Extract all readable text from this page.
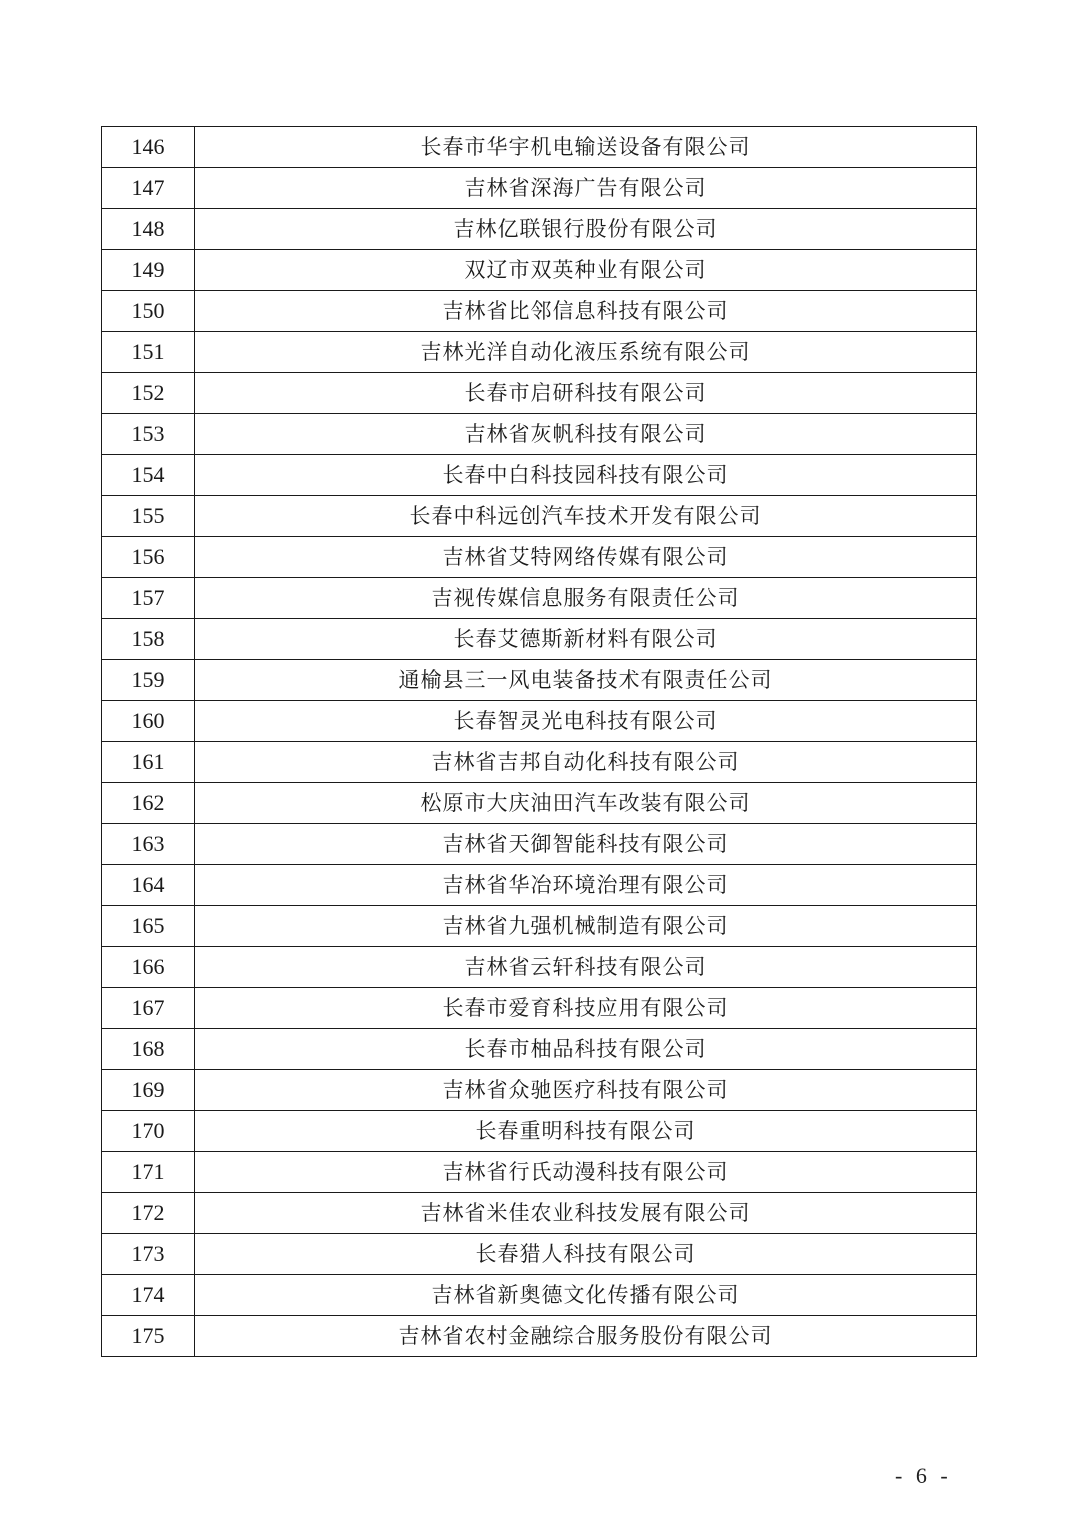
146	长春市华宇机电输送设备有限公司
147	吉林省深海广告有限公司
148	吉林亿联银行股份有限公司
149	双辽市双英种业有限公司
150	吉林省比邻信息科技有限公司
151	吉林光洋自动化液压系统有限公司
152	长春市启研科技有限公司
153	吉林省灰帆科技有限公司
154	长春中白科技园科技有限公司
155	长春中科远创汽车技术开发有限公司
156	吉林省艾特网络传媒有限公司
157	吉视传媒信息服务有限责任公司
158	长春艾德斯新材料有限公司
159	通榆县三一风电装备技术有限责任公司
160	长春智灵光电科技有限公司
161	吉林省吉邦自动化科技有限公司
162	松原市大庆油田汽车改装有限公司
163	吉林省天御智能科技有限公司
164	吉林省华冶环境治理有限公司
165	吉林省九强机械制造有限公司
166	吉林省云轩科技有限公司
167	长春市爱育科技应用有限公司
168	长春市柚品科技有限公司
169	吉林省众驰医疗科技有限公司
170	长春重明科技有限公司
171	吉林省行氏动漫科技有限公司
172	吉林省米佳农业科技发展有限公司
173	长春猎人科技有限公司
174	吉林省新奥德文化传播有限公司
175	吉林省农村金融综合服务股份有限公司
- 6 -
